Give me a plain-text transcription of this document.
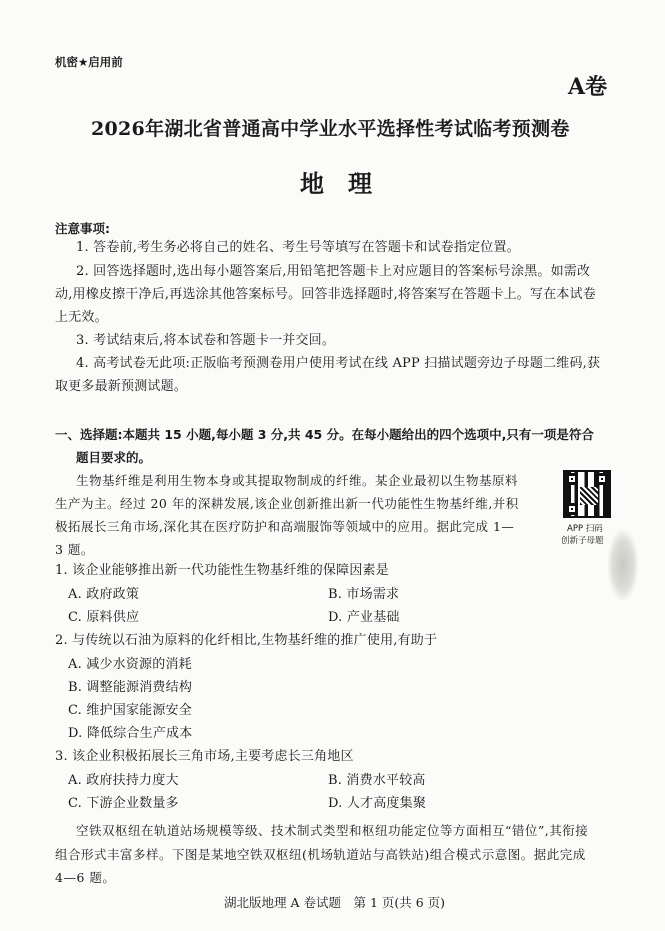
机密★启用前
A卷
2026年湖北省普通高中学业水平选择性考试临考预测卷
地　理
注意事项:
1. 答卷前,考生务必将自己的姓名、考生号等填写在答题卡和试卷指定位置。
2. 回答选择题时,选出每小题答案后,用铅笔把答题卡上对应题目的答案标号涂黑。如需改
动,用橡皮擦干净后,再选涂其他答案标号。回答非选择题时,将答案写在答题卡上。写在本试卷
上无效。
3. 考试结束后,将本试卷和答题卡一并交回。
4. 高考试卷无此项:正版临考预测卷用户使用考试在线 APP 扫描试题旁边子母题二维码,获
取更多最新预测试题。
一、选择题:本题共 15 小题,每小题 3 分,共 45 分。在每小题给出的四个选项中,只有一项是符合
题目要求的。
生物基纤维是利用生物本身或其提取物制成的纤维。某企业最初以生物基原料
生产为主。经过 20 年的深耕发展,该企业创新推出新一代功能性生物基纤维,并积
极拓展长三角市场,深化其在医疗防护和高端服饰等领域中的应用。据此完成 1—
3 题。
APP 扫码
创新子母题
1. 该企业能够推出新一代功能性生物基纤维的保障因素是
A. 政府政策	B. 市场需求
C. 原料供应	D. 产业基础
2. 与传统以石油为原料的化纤相比,生物基纤维的推广使用,有助于
A. 减少水资源的消耗
B. 调整能源消费结构
C. 维护国家能源安全
D. 降低综合生产成本
3. 该企业积极拓展长三角市场,主要考虑长三角地区
A. 政府扶持力度大	B. 消费水平较高
C. 下游企业数量多	D. 人才高度集聚
空铁双枢纽在轨道站场规模等级、技术制式类型和枢纽功能定位等方面相互“错位”,其衔接
组合形式丰富多样。下图是某地空铁双枢纽(机场轨道站与高铁站)组合模式示意图。据此完成
4—6 题。
湖北版地理 A 卷试题　第 1 页(共 6 页)
